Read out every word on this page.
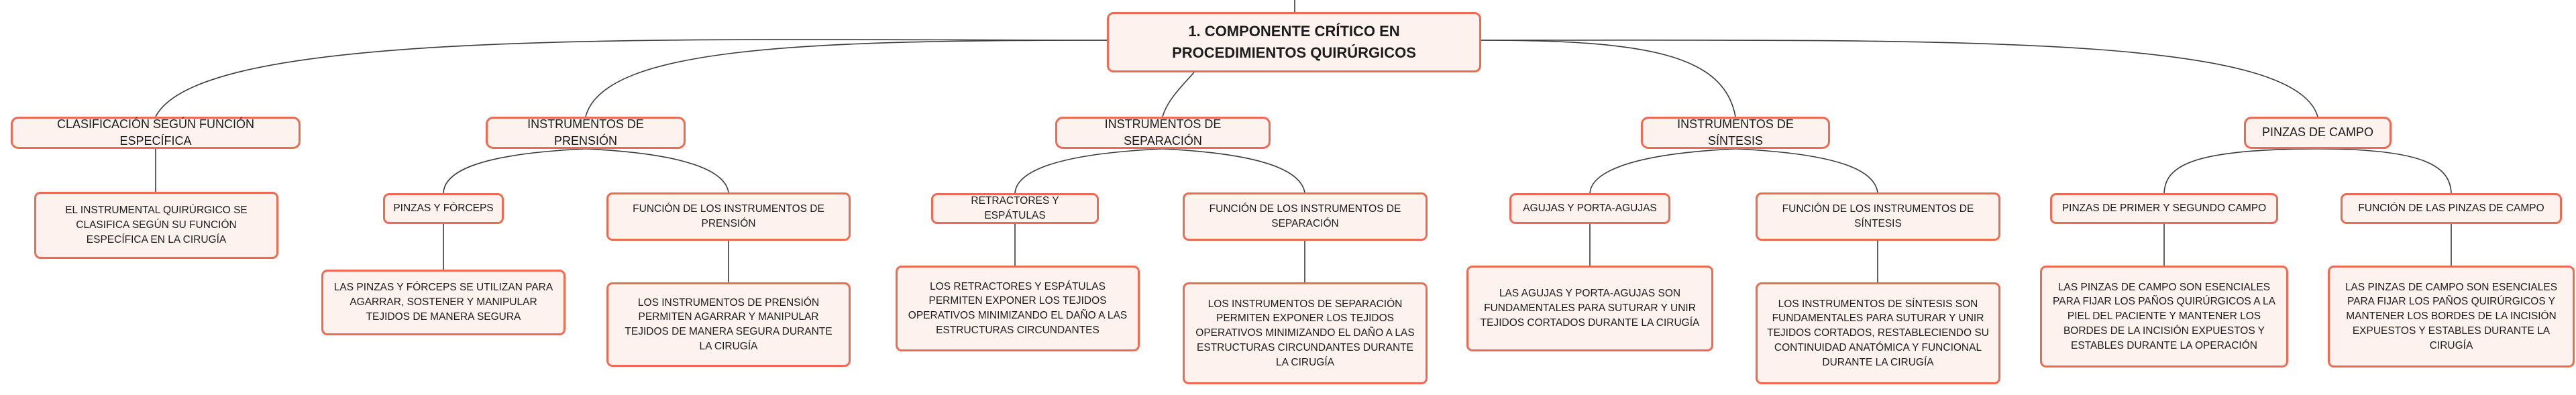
1. COMPONENTE CRÍTICO EN PROCEDIMIENTOS QUIRÚRGICOS
CLASIFICACIÓN SEGÚN FUNCIÓN ESPECÍFICA
INSTRUMENTOS DE PRENSIÓN
INSTRUMENTOS DE SEPARACIÓN
INSTRUMENTOS DE SÍNTESIS
PINZAS DE CAMPO
EL INSTRUMENTAL QUIRÚRGICO SE CLASIFICA SEGÚN SU FUNCIÓN ESPECÍFICA EN LA CIRUGÍA
PINZAS Y FÓRCEPS	FUNCIÓN DE LOS INSTRUMENTOS DE PRENSIÓN
LAS PINZAS Y FÓRCEPS SE UTILIZAN PARA AGARRAR, SOSTENER Y MANIPULAR TEJIDOS DE MANERA SEGURA
LOS INSTRUMENTOS DE PRENSIÓN PERMITEN AGARRAR Y MANIPULAR TEJIDOS DE MANERA SEGURA DURANTE LA CIRUGÍA
RETRACTORES Y ESPÁTULAS
FUNCIÓN DE LOS INSTRUMENTOS DE SEPARACIÓN
LOS RETRACTORES Y ESPÁTULAS PERMITEN EXPONER LOS TEJIDOS OPERATIVOS MINIMIZANDO EL DAÑO A LAS ESTRUCTURAS CIRCUNDANTES
LOS INSTRUMENTOS DE SEPARACIÓN PERMITEN EXPONER LOS TEJIDOS OPERATIVOS MINIMIZANDO EL DAÑO A LAS ESTRUCTURAS CIRCUNDANTES DURANTE LA CIRUGÍA
AGUJAS Y PORTA-AGUJAS	FUNCIÓN DE LOS INSTRUMENTOS DE SÍNTESIS
LAS AGUJAS Y PORTA-AGUJAS SON FUNDAMENTALES PARA SUTURAR Y UNIR TEJIDOS CORTADOS DURANTE LA CIRUGÍA
LOS INSTRUMENTOS DE SÍNTESIS SON FUNDAMENTALES PARA SUTURAR Y UNIR TEJIDOS CORTADOS, RESTABLECIENDO SU CONTINUIDAD ANATÓMICA Y FUNCIONAL DURANTE LA CIRUGÍA
PINZAS DE PRIMER Y SEGUNDO CAMPO	FUNCIÓN DE LAS PINZAS DE CAMPO
LAS PINZAS DE CAMPO SON ESENCIALES PARA FIJAR LOS PAÑOS QUIRÚRGICOS A LA PIEL DEL PACIENTE Y MANTENER LOS BORDES DE LA INCISIÓN EXPUESTOS Y ESTABLES DURANTE LA OPERACIÓN
LAS PINZAS DE CAMPO SON ESENCIALES PARA FIJAR LOS PAÑOS QUIRÚRGICOS Y MANTENER LOS BORDES DE LA INCISIÓN EXPUESTOS Y ESTABLES DURANTE LA CIRUGÍA
